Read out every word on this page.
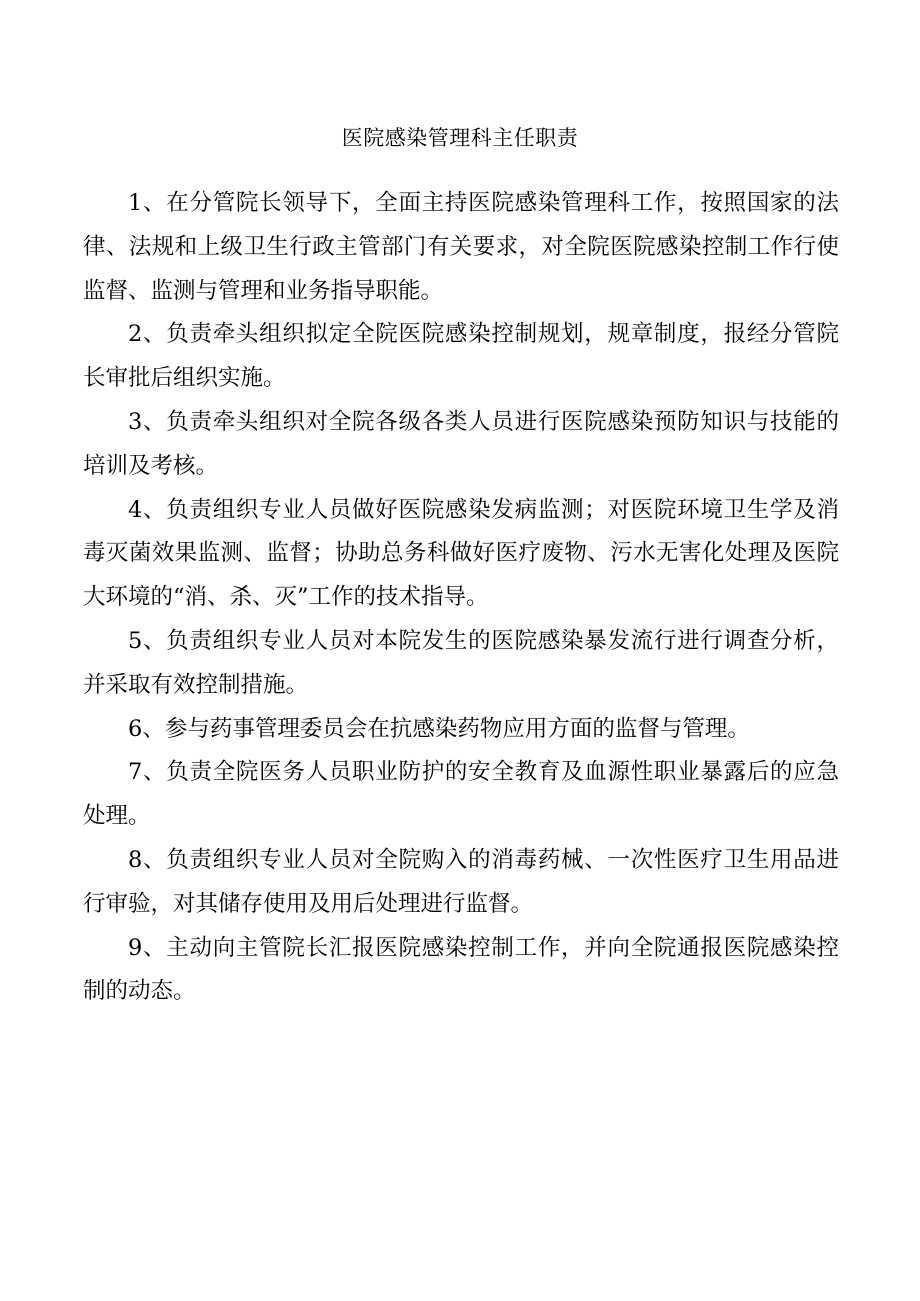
医院感染管理科主任职责

1、在分管院长领导下，全面主持医院感染管理科工作，按照国家的法律、法规和上级卫生行政主管部门有关要求，对全院医院感染控制工作行使监督、监测与管理和业务指导职能。

2、负责牵头组织拟定全院医院感染控制规划，规章制度，报经分管院长审批后组织实施。

3、负责牵头组织对全院各级各类人员进行医院感染预防知识与技能的培训及考核。

4、负责组织专业人员做好医院感染发病监测；对医院环境卫生学及消毒灭菌效果监测、监督；协助总务科做好医疗废物、污水无害化处理及医院大环境的“消、杀、灭”工作的技术指导。

5、负责组织专业人员对本院发生的医院感染暴发流行进行调查分析，并采取有效控制措施。

6、参与药事管理委员会在抗感染药物应用方面的监督与管理。

7、负责全院医务人员职业防护的安全教育及血源性职业暴露后的应急处理。

8、负责组织专业人员对全院购入的消毒药械、一次性医疗卫生用品进行审验，对其储存使用及用后处理进行监督。

9、主动向主管院长汇报医院感染控制工作，并向全院通报医院感染控制的动态。
